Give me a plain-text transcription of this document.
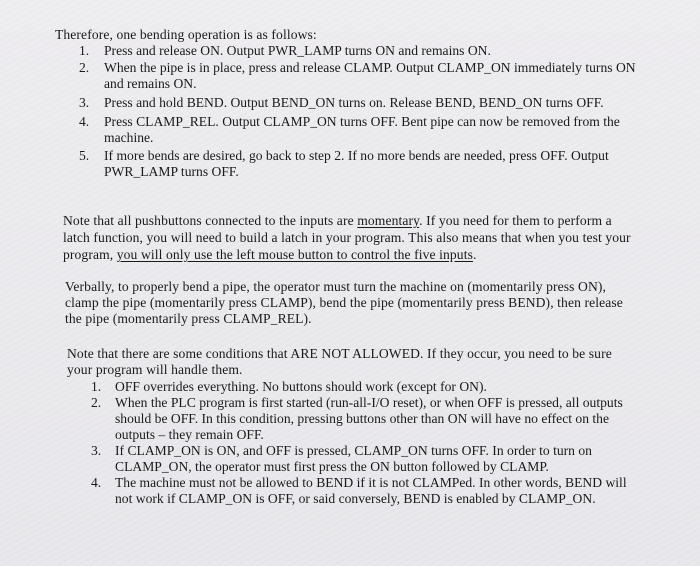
Therefore, one bending operation is as follows:
1. Press and release ON. Output PWR_LAMP turns ON and remains ON.
2. When the pipe is in place, press and release CLAMP. Output CLAMP_ON immediately turns ON and remains ON.
3. Press and hold BEND. Output BEND_ON turns on. Release BEND, BEND_ON turns OFF.
4. Press CLAMP_REL. Output CLAMP_ON turns OFF. Bent pipe can now be removed from the machine.
5. If more bends are desired, go back to step 2. If no more bends are needed, press OFF. Output PWR_LAMP turns OFF.
Note that all pushbuttons connected to the inputs are momentary. If you need for them to perform a latch function, you will need to build a latch in your program. This also means that when you test your program, you will only use the left mouse button to control the five inputs.
Verbally, to properly bend a pipe, the operator must turn the machine on (momentarily press ON), clamp the pipe (momentarily press CLAMP), bend the pipe (momentarily press BEND), then release the pipe (momentarily press CLAMP_REL).
Note that there are some conditions that ARE NOT ALLOWED. If they occur, you need to be sure your program will handle them.
1. OFF overrides everything. No buttons should work (except for ON).
2. When the PLC program is first started (run-all-I/O reset), or when OFF is pressed, all outputs should be OFF. In this condition, pressing buttons other than ON will have no effect on the outputs – they remain OFF.
3. If CLAMP_ON is ON, and OFF is pressed, CLAMP_ON turns OFF. In order to turn on CLAMP_ON, the operator must first press the ON button followed by CLAMP.
4. The machine must not be allowed to BEND if it is not CLAMPed. In other words, BEND will not work if CLAMP_ON is OFF, or said conversely, BEND is enabled by CLAMP_ON.
